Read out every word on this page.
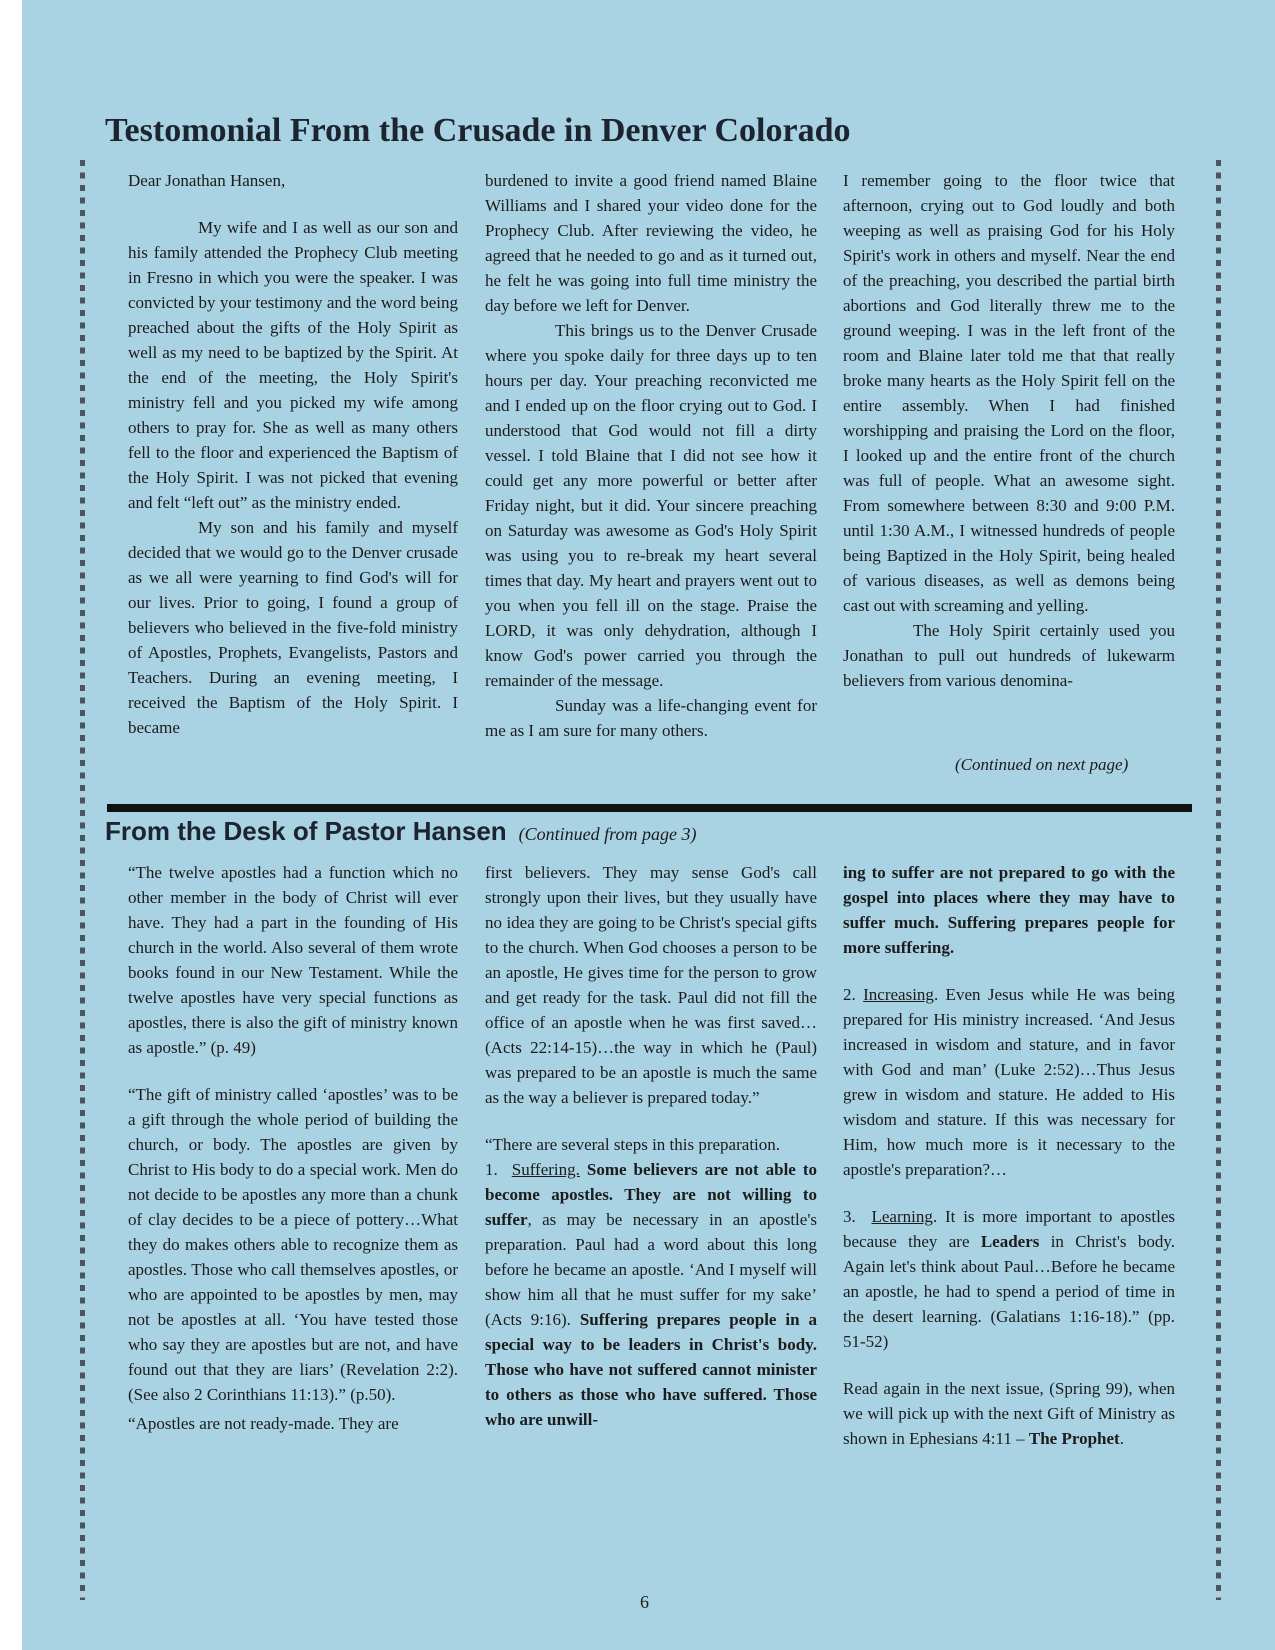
Testomonial From the Crusade in Denver Colorado

Dear Jonathan Hansen,

My wife and I as well as our son and his family attended the Prophecy Club meeting in Fresno in which you were the speaker. I was convicted by your testimony and the word being preached about the gifts of the Holy Spirit as well as my need to be baptized by the Spirit. At the end of the meeting, the Holy Spirit's ministry fell and you picked my wife among others to pray for. She as well as many others fell to the floor and experienced the Baptism of the Holy Spirit. I was not picked that evening and felt “left out” as the ministry ended.

My son and his family and myself decided that we would go to the Denver crusade as we all were yearning to find God's will for our lives. Prior to going, I found a group of believers who believed in the five-fold ministry of Apostles, Prophets, Evangelists, Pastors and Teachers. During an evening meeting, I received the Baptism of the Holy Spirit. I became

burdened to invite a good friend named Blaine Williams and I shared your video done for the Prophecy Club. After reviewing the video, he agreed that he needed to go and as it turned out, he felt he was going into full time ministry the day before we left for Denver.

This brings us to the Denver Crusade where you spoke daily for three days up to ten hours per day. Your preaching reconvicted me and I ended up on the floor crying out to God. I understood that God would not fill a dirty vessel. I told Blaine that I did not see how it could get any more powerful or better after Friday night, but it did. Your sincere preaching on Saturday was awesome as God's Holy Spirit was using you to re-break my heart several times that day. My heart and prayers went out to you when you fell ill on the stage. Praise the LORD, it was only dehydration, although I know God's power carried you through the remainder of the message.

Sunday was a life-changing event for me as I am sure for many others.

I remember going to the floor twice that afternoon, crying out to God loudly and both weeping as well as praising God for his Holy Spirit's work in others and myself. Near the end of the preaching, you described the partial birth abortions and God literally threw me to the ground weeping. I was in the left front of the room and Blaine later told me that that really broke many hearts as the Holy Spirit fell on the entire assembly. When I had finished worshipping and praising the Lord on the floor, I looked up and the entire front of the church was full of people. What an awesome sight. From somewhere between 8:30 and 9:00 P.M. until 1:30 A.M., I witnessed hundreds of people being Baptized in the Holy Spirit, being healed of various diseases, as well as demons being cast out with screaming and yelling.

The Holy Spirit certainly used you Jonathan to pull out hundreds of lukewarm believers from various denomina-

(Continued on next page)
From the Desk of Pastor Hansen (Continued from page 3)

“The twelve apostles had a function which no other member in the body of Christ will ever have. They had a part in the founding of His church in the world. Also several of them wrote books found in our New Testament. While the twelve apostles have very special functions as apostles, there is also the gift of ministry known as apostle.” (p. 49)

“The gift of ministry called ‘apostles’ was to be a gift through the whole period of building the church, or body. The apostles are given by Christ to His body to do a special work. Men do not decide to be apostles any more than a chunk of clay decides to be a piece of pottery…What they do makes others able to recognize them as apostles. Those who call themselves apostles, or who are appointed to be apostles by men, may not be apostles at all. ‘You have tested those who say they are apostles but are not, and have found out that they are liars’ (Revelation 2:2). (See also 2 Corinthians 11:13).” (p.50).

“Apostles are not ready-made. They are

first believers. They may sense God's call strongly upon their lives, but they usually have no idea they are going to be Christ's special gifts to the church. When God chooses a person to be an apostle, He gives time for the person to grow and get ready for the task. Paul did not fill the office of an apostle when he was first saved…(Acts 22:14-15)…the way in which he (Paul) was prepared to be an apostle is much the same as the way a believer is prepared today.”

“There are several steps in this preparation.

1. Suffering. Some believers are not able to become apostles. They are not willing to suffer, as may be necessary in an apostle's preparation. Paul had a word about this long before he became an apostle. ‘And I myself will show him all that he must suffer for my sake’ (Acts 9:16). Suffering prepares people in a special way to be leaders in Christ's body. Those who have not suffered cannot minister to others as those who have suffered. Those who are unwill-

ing to suffer are not prepared to go with the gospel into places where they may have to suffer much. Suffering prepares people for more suffering.

2. Increasing. Even Jesus while He was being prepared for His ministry increased. ‘And Jesus increased in wisdom and stature, and in favor with God and man’ (Luke 2:52)…Thus Jesus grew in wisdom and stature. He added to His wisdom and stature. If this was necessary for Him, how much more is it necessary to the apostle's preparation?…

3. Learning. It is more important to apostles because they are Leaders in Christ's body. Again let's think about Paul…Before he became an apostle, he had to spend a period of time in the desert learning. (Galatians 1:16-18).” (pp. 51-52)

Read again in the next issue, (Spring 99), when we will pick up with the next Gift of Ministry as shown in Ephesians 4:11 – The Prophet.

6
